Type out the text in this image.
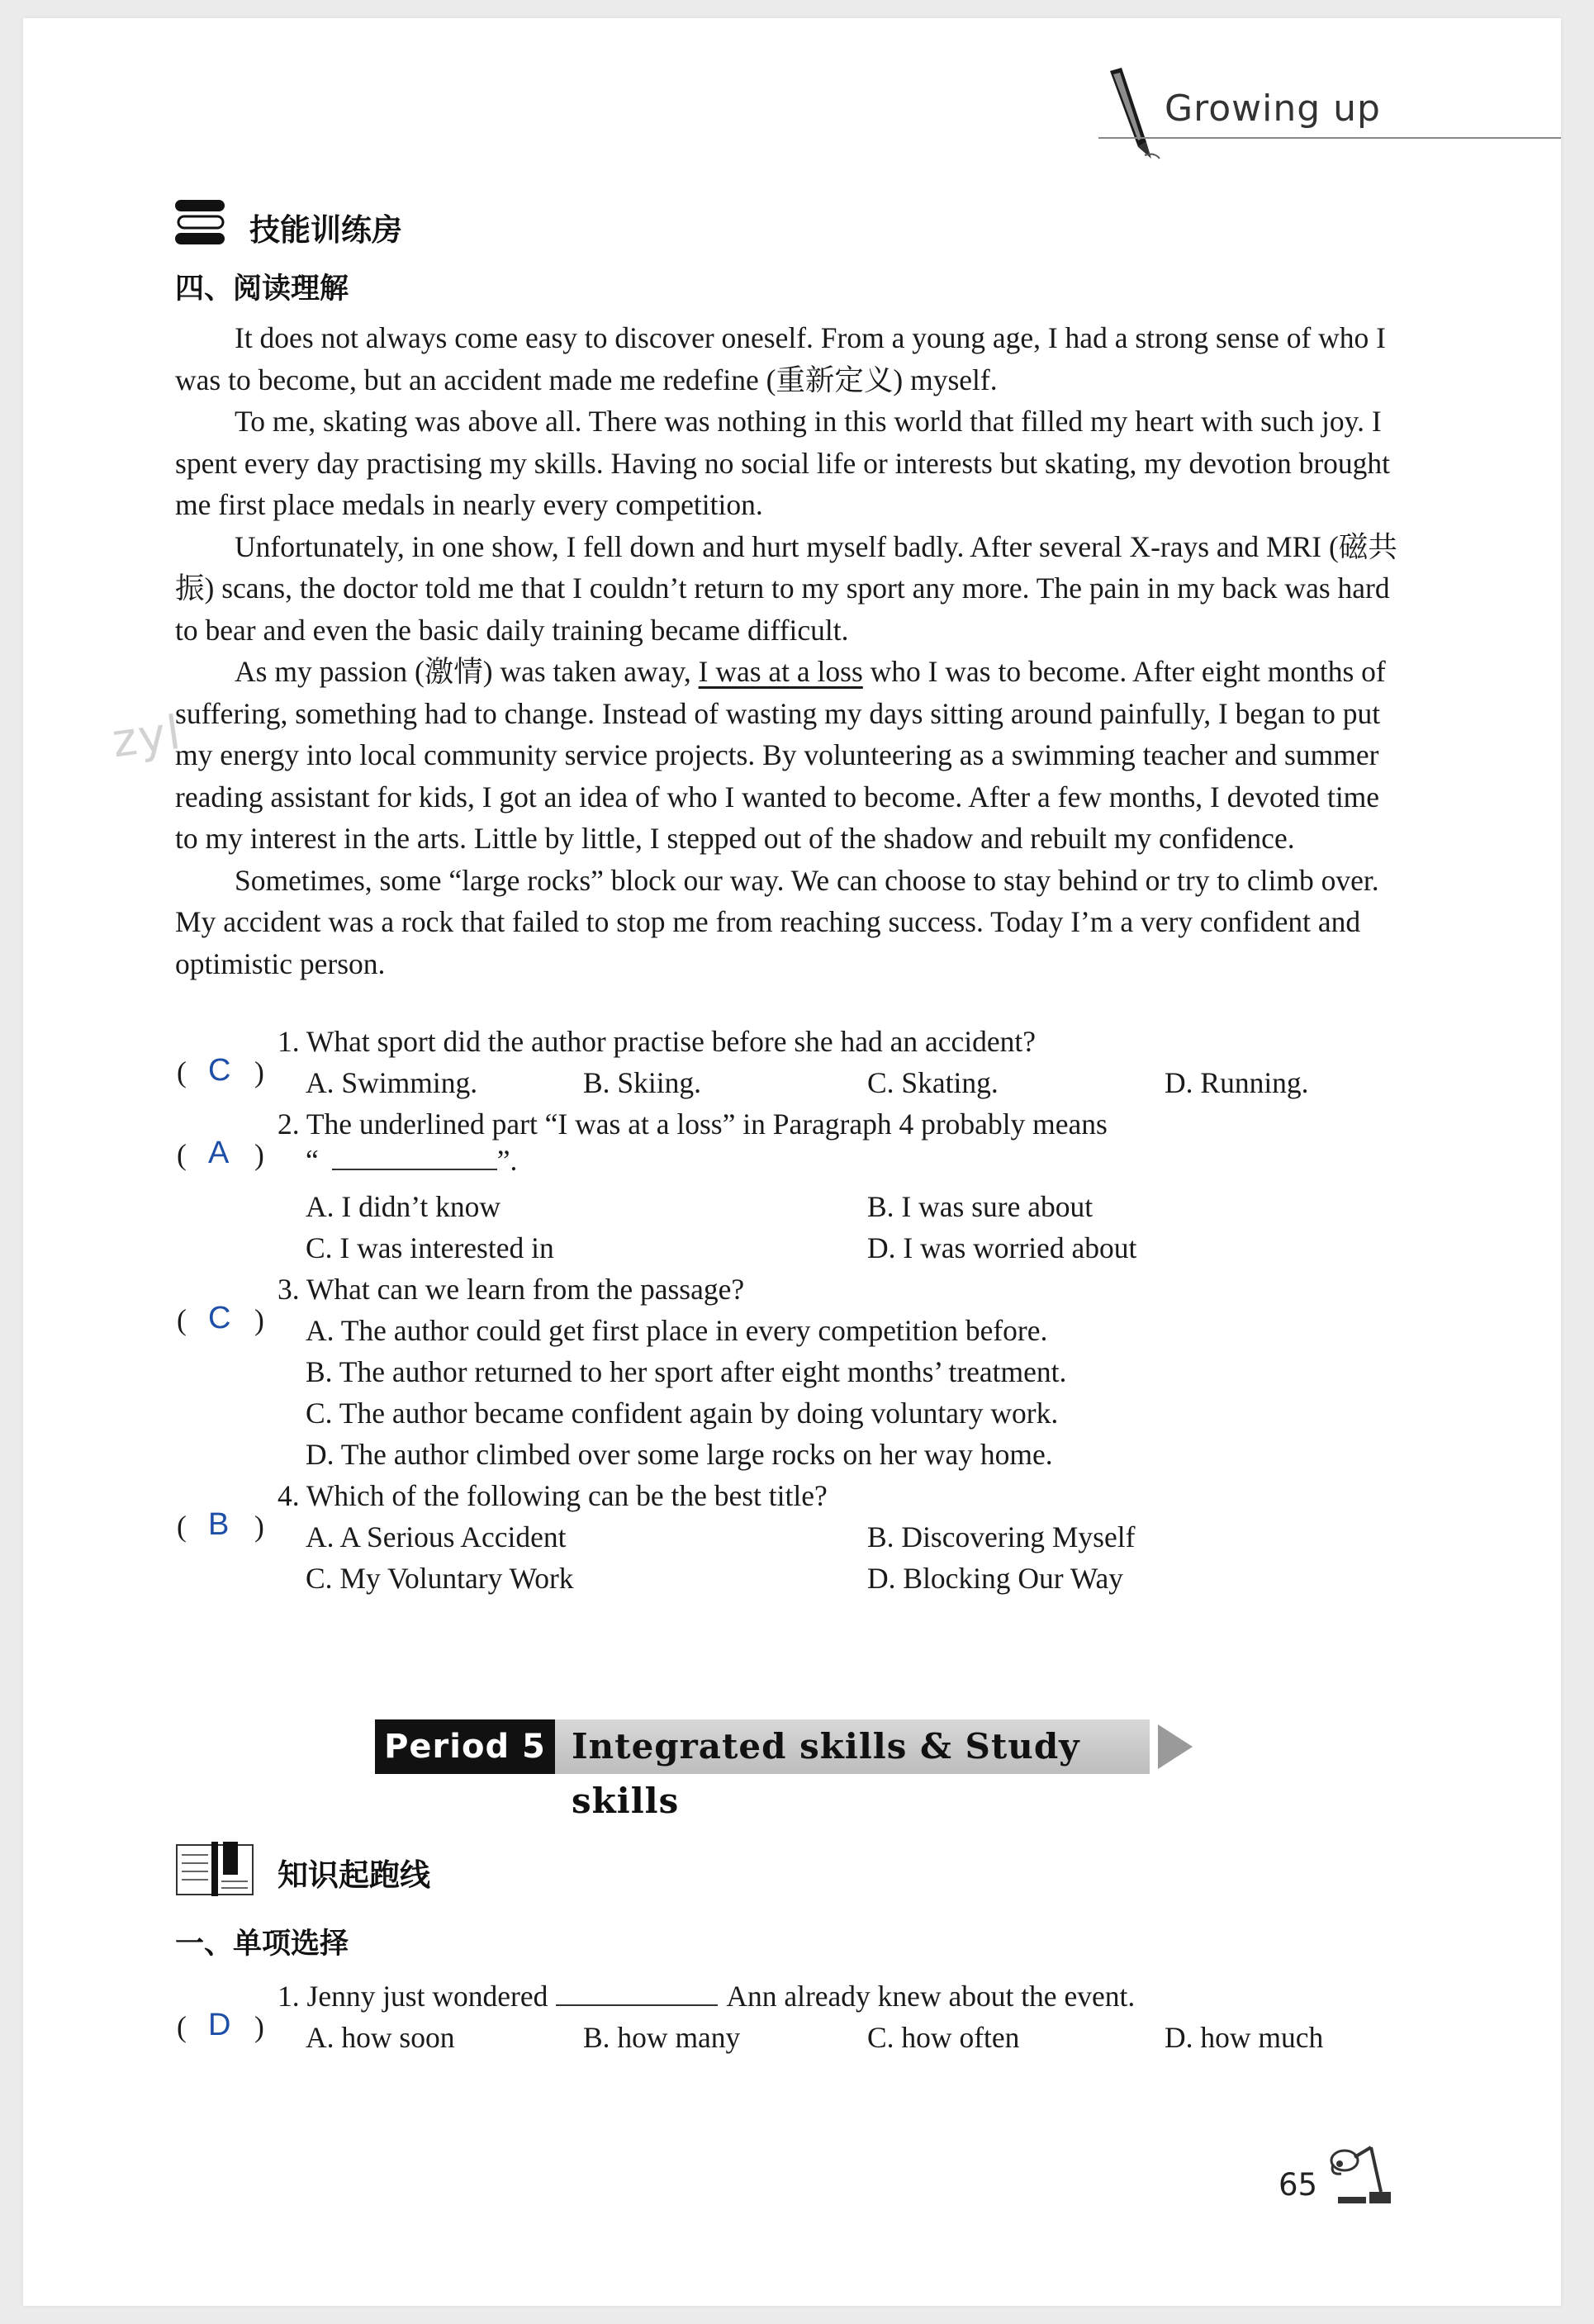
Growing up
技能训练房
四、阅读理解

It does not always come easy to discover oneself. From a young age, I had a strong sense of who I was to become, but an accident made me redefine (重新定义) myself.

To me, skating was above all. There was nothing in this world that filled my heart with such joy. I spent every day practising my skills. Having no social life or interests but skating, my devotion brought me first place medals in nearly every competition.

Unfortunately, in one show, I fell down and hurt myself badly. After several X-rays and MRI (磁共振) scans, the doctor told me that I couldn’t return to my sport any more. The pain in my back was hard to bear and even the basic daily training became difficult.

As my passion (激情) was taken away, I was at a loss who I was to become. After eight months of suffering, something had to change. Instead of wasting my days sitting around painfully, I began to put my energy into local community service projects. By volunteering as a swimming teacher and summer reading assistant for kids, I got an idea of who I wanted to become. After a few months, I devoted time to my interest in the arts. Little by little, I stepped out of the shadow and rebuilt my confidence.

Sometimes, some “large rocks” block our way. We can choose to stay behind or try to climb over. My accident was a rock that failed to stop me from reaching success. Today I’m a very confident and optimistic person.

zyl
( C )
1. What sport did the author practise before she had an accident?
A. Swimming.	B. Skiing.	C. Skating.	D. Running.
( A )
2. The underlined part “I was at a loss” in Paragraph 4 probably means
“	”.
A. I didn’t know	B. I was sure about
C. I was interested in	D. I was worried about
( C )
3. What can we learn from the passage?
A. The author could get first place in every competition before.
B. The author returned to her sport after eight months’ treatment.
C. The author became confident again by doing voluntary work.
D. The author climbed over some large rocks on her way home.
( B )
4. Which of the following can be the best title?
A. A Serious Accident	B. Discovering Myself
C. My Voluntary Work	D. Blocking Our Way
Period 5 Integrated skills & Study skills
知识起跑线
一、单项选择
( D )
1. Jenny just wondered	Ann already knew about the event.
A. how soon	B. how many	C. how often	D. how much
65
